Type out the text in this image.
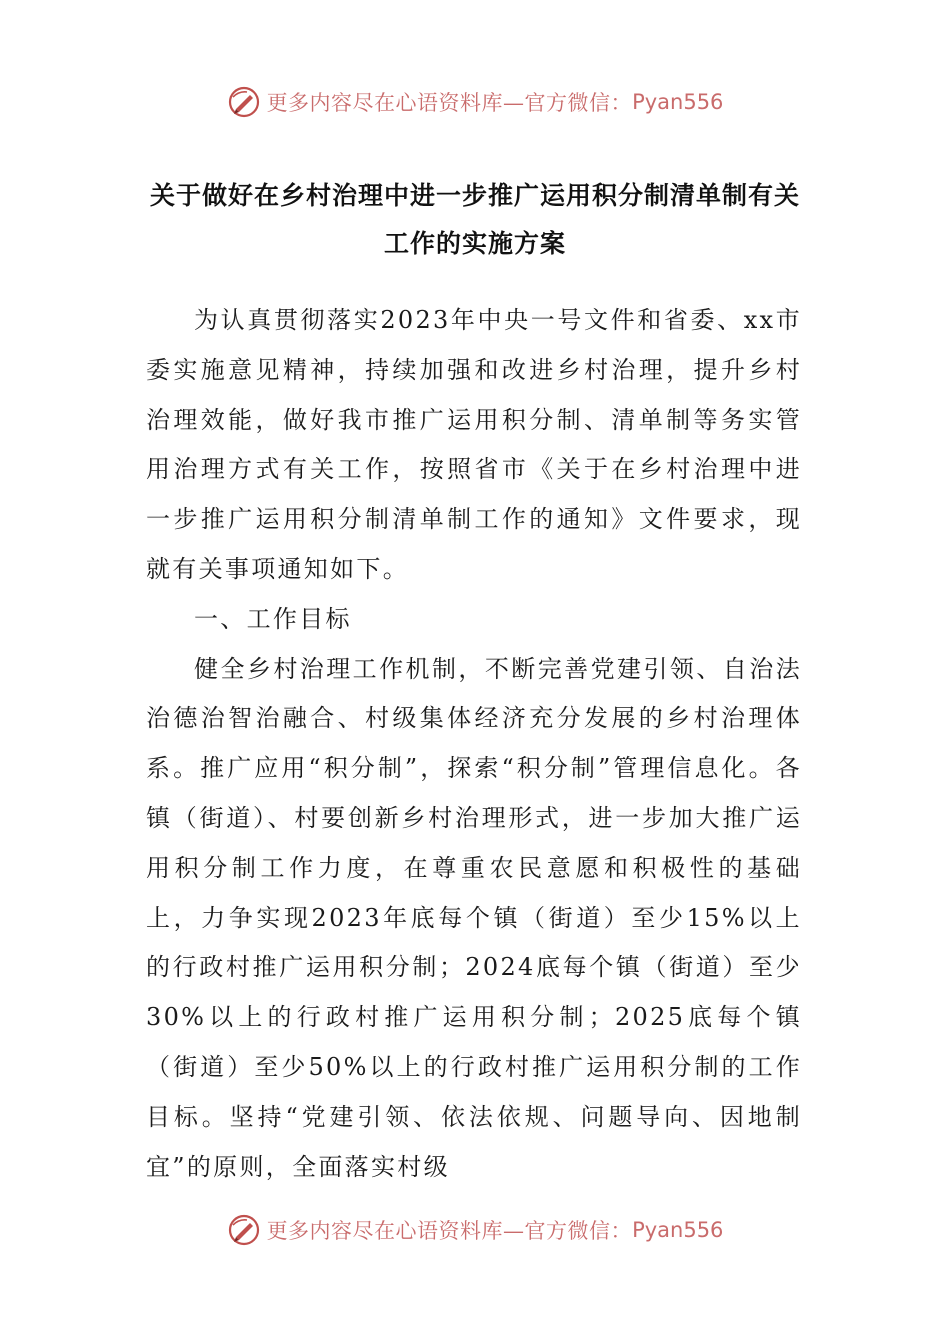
更多内容尽在心语资料库—官方微信： Pyan556
关于做好在乡村治理中进一步推广运用积分制清单制有关
工作的实施方案

为认真贯彻落实2023年中央一号文件和省委、xx市委实施意见精神，持续加强和改进乡村治理，提升乡村治理效能，做好我市推广运用积分制、清单制等务实管用治理方式有关工作，按照省市《关于在乡村治理中进一步推广运用积分制清单制工作的通知》文件要求，现就有关事项通知如下。

一、工作目标

健全乡村治理工作机制，不断完善党建引领、自治法治德治智治融合、村级集体经济充分发展的乡村治理体系。推广应用“积分制”，探索“积分制”管理信息化。各镇（街道）、村要创新乡村治理形式，进一步加大推广运用积分制工作力度，在尊重农民意愿和积极性的基础上，力争实现2023年底每个镇（街道）至少15%以上的行政村推广运用积分制；2024底每个镇（街道）至少30%以上的行政村推广运用积分制；2025底每个镇（街道）至少50%以上的行政村推广运用积分制的工作目标。坚持“党建引领、依法依规、问题导向、因地制宜”的原则，全面落实村级

更多内容尽在心语资料库—官方微信： Pyan556
